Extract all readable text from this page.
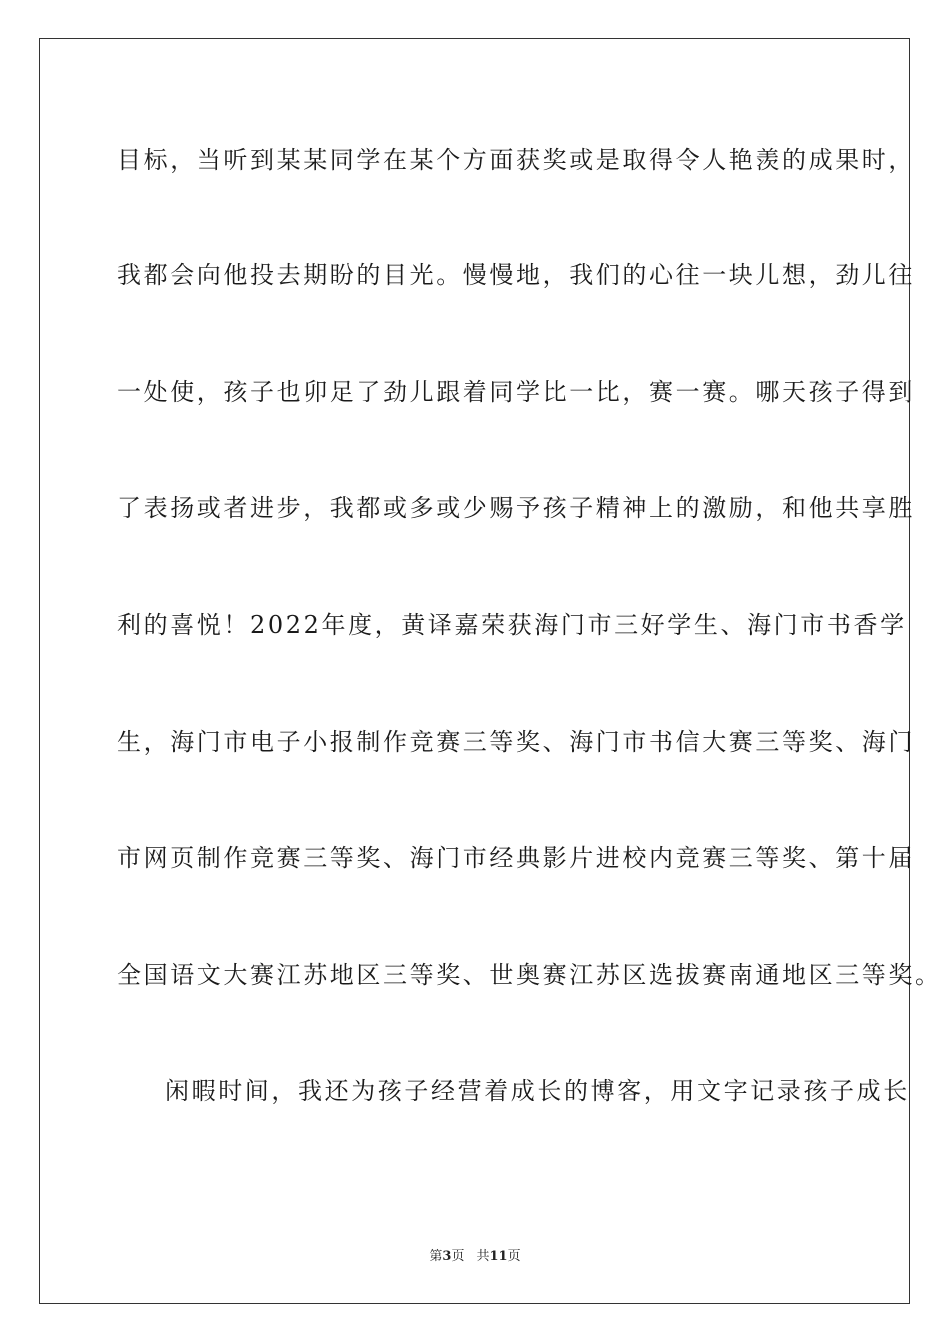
目标，当听到某某同学在某个方面获奖或是取得令人艳羡的成果时，
我都会向他投去期盼的目光。慢慢地，我们的心往一块儿想，劲儿往
一处使，孩子也卯足了劲儿跟着同学比一比，赛一赛。哪天孩子得到
了表扬或者进步，我都或多或少赐予孩子精神上的激励，和他共享胜
利的喜悦！2022年度，黄译嘉荣获海门市三好学生、海门市书香学
生，海门市电子小报制作竞赛三等奖、海门市书信大赛三等奖、海门
市网页制作竞赛三等奖、海门市经典影片进校内竞赛三等奖、第十届
全国语文大赛江苏地区三等奖、世奥赛江苏区选拔赛南通地区三等奖。
闲暇时间，我还为孩子经营着成长的博客，用文字记录孩子成长
第3页 共11页
